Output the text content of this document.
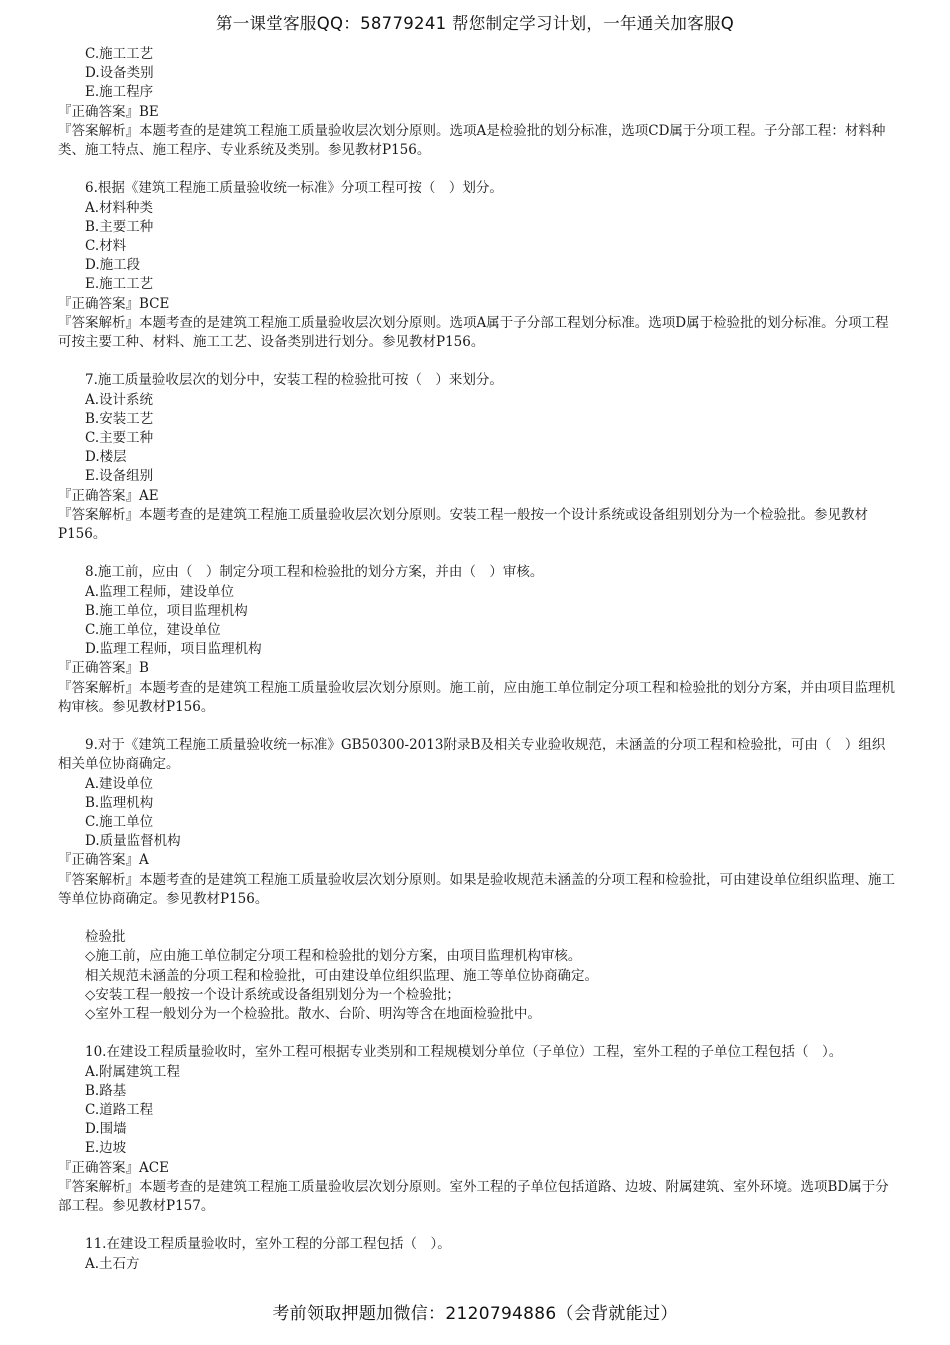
第一课堂客服QQ：58779241 帮您制定学习计划，一年通关加客服Q
C.施工工艺
D.设备类别
E.施工程序
『正确答案』BE
『答案解析』本题考查的是建筑工程施工质量验收层次划分原则。选项A是检验批的划分标准，选项CD属于分项工程。子分部工程：材料种类、施工特点、施工程序、专业系统及类别。参见教材P156。
6.根据《建筑工程施工质量验收统一标准》分项工程可按（　）划分。
A.材料种类
B.主要工种
C.材料
D.施工段
E.施工工艺
『正确答案』BCE
『答案解析』本题考查的是建筑工程施工质量验收层次划分原则。选项A属于子分部工程划分标准。选项D属于检验批的划分标准。分项工程可按主要工种、材料、施工工艺、设备类别进行划分。参见教材P156。
7.施工质量验收层次的划分中，安装工程的检验批可按（　）来划分。
A.设计系统
B.安装工艺
C.主要工种
D.楼层
E.设备组别
『正确答案』AE
『答案解析』本题考查的是建筑工程施工质量验收层次划分原则。安装工程一般按一个设计系统或设备组别划分为一个检验批。参见教材P156。
8.施工前，应由（　）制定分项工程和检验批的划分方案，并由（　）审核。
A.监理工程师，建设单位
B.施工单位，项目监理机构
C.施工单位，建设单位
D.监理工程师，项目监理机构
『正确答案』B
『答案解析』本题考查的是建筑工程施工质量验收层次划分原则。施工前，应由施工单位制定分项工程和检验批的划分方案，并由项目监理机构审核。参见教材P156。
9.对于《建筑工程施工质量验收统一标准》GB50300-2013附录B及相关专业验收规范，未涵盖的分项工程和检验批，可由（　）组织相关单位协商确定。
A.建设单位
B.监理机构
C.施工单位
D.质量监督机构
『正确答案』A
『答案解析』本题考查的是建筑工程施工质量验收层次划分原则。如果是验收规范未涵盖的分项工程和检验批，可由建设单位组织监理、施工等单位协商确定。参见教材P156。
检验批
◇施工前，应由施工单位制定分项工程和检验批的划分方案，由项目监理机构审核。
相关规范未涵盖的分项工程和检验批，可由建设单位组织监理、施工等单位协商确定。
◇安装工程一般按一个设计系统或设备组别划分为一个检验批；
◇室外工程一般划分为一个检验批。散水、台阶、明沟等含在地面检验批中。
10.在建设工程质量验收时，室外工程可根据专业类别和工程规模划分单位（子单位）工程，室外工程的子单位工程包括（　）。
A.附属建筑工程
B.路基
C.道路工程
D.围墙
E.边坡
『正确答案』ACE
『答案解析』本题考查的是建筑工程施工质量验收层次划分原则。室外工程的子单位包括道路、边坡、附属建筑、室外环境。选项BD属于分部工程。参见教材P157。
11.在建设工程质量验收时，室外工程的分部工程包括（　）。
A.土石方
考前领取押题加微信：2120794886（会背就能过）
